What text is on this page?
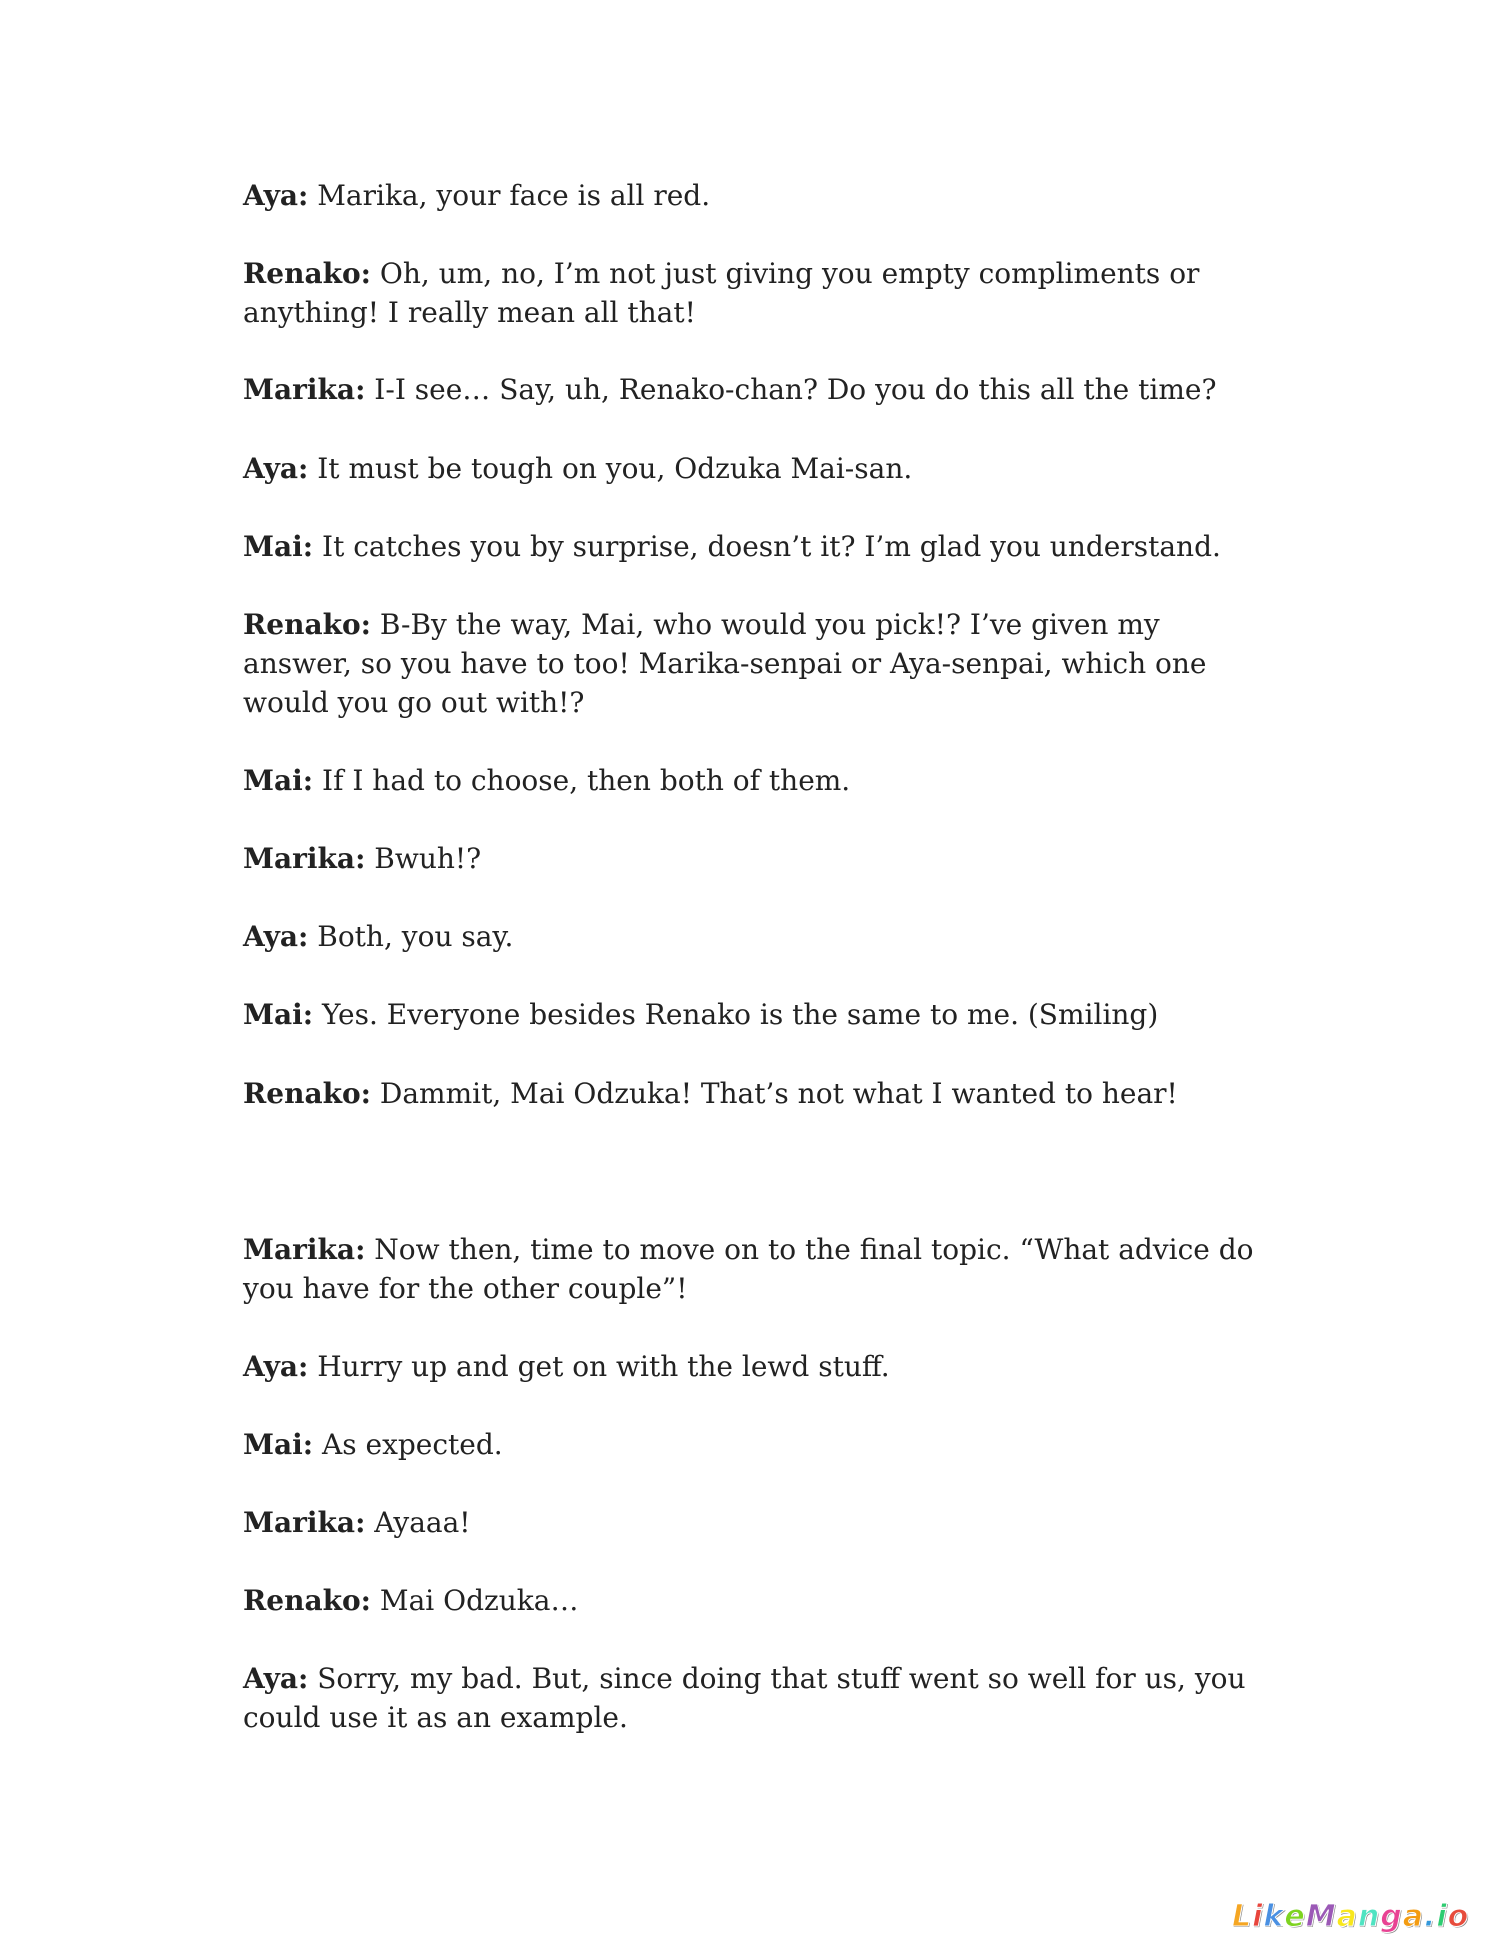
Aya: Marika, your face is all red.

Renako: Oh, um, no, I’m not just giving you empty compliments or anything! I really mean all that!

Marika: I-I see… Say, uh, Renako-chan? Do you do this all the time?

Aya: It must be tough on you, Odzuka Mai-san.

Mai: It catches you by surprise, doesn’t it? I’m glad you understand.

Renako: B-By the way, Mai, who would you pick!? I’ve given my answer, so you have to too! Marika-senpai or Aya-senpai, which one would you go out with!?

Mai: If I had to choose, then both of them.

Marika: Bwuh!?

Aya: Both, you say.

Mai: Yes. Everyone besides Renako is the same to me. (Smiling)

Renako: Dammit, Mai Odzuka! That’s not what I wanted to hear!

Marika: Now then, time to move on to the final topic. “What advice do you have for the other couple”!

Aya: Hurry up and get on with the lewd stuff.

Mai: As expected.

Marika: Ayaaa!

Renako: Mai Odzuka…

Aya: Sorry, my bad. But, since doing that stuff went so well for us, you could use it as an example.

L i k e M a n g a . i o
